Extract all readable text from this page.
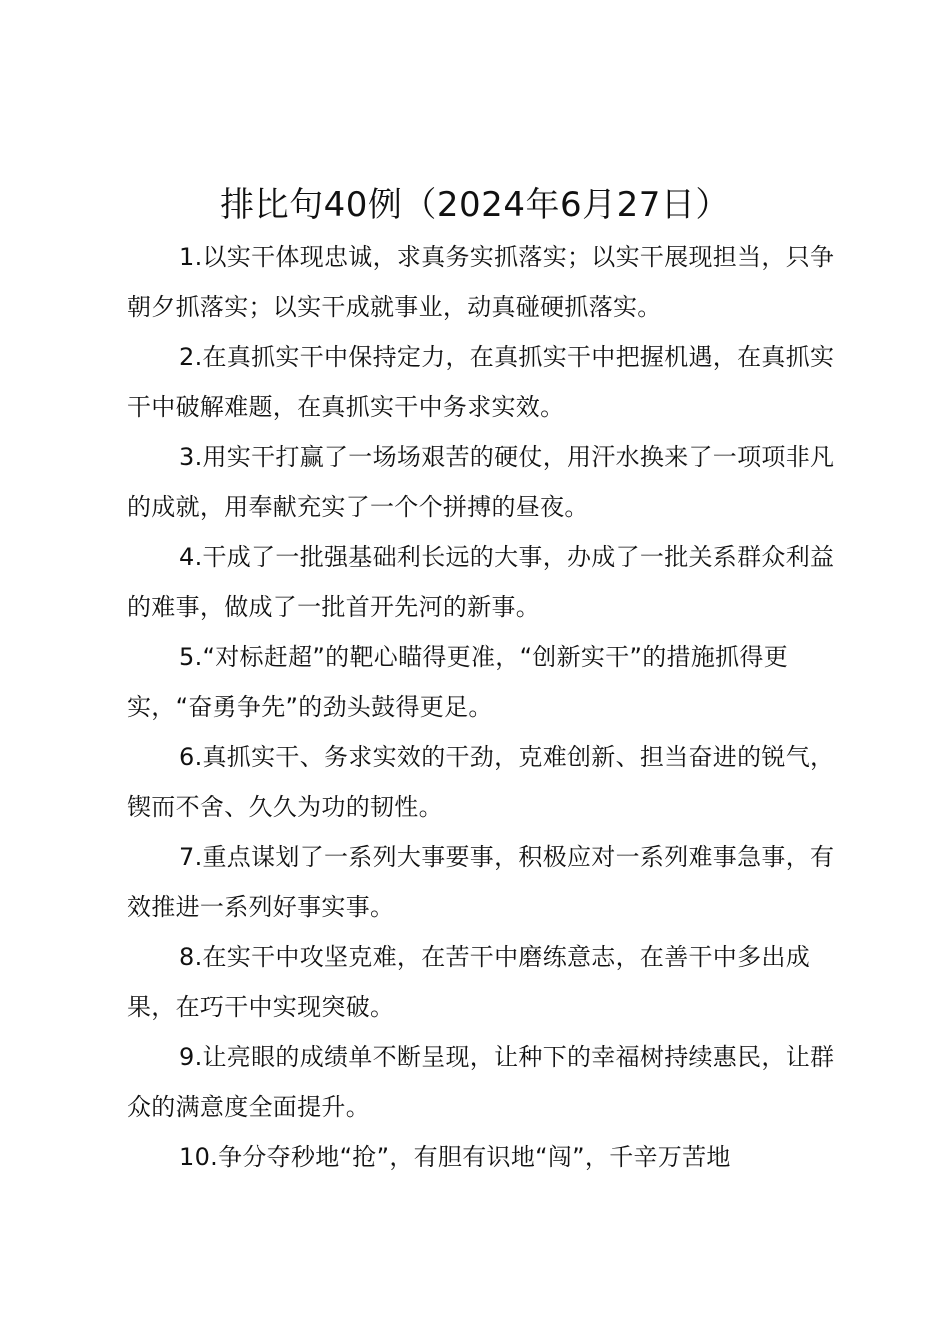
排比句40例（2024年6月27日）

1.以实干体现忠诚，求真务实抓落实；以实干展现担当，只争朝夕抓落实；以实干成就事业，动真碰硬抓落实。

2.在真抓实干中保持定力，在真抓实干中把握机遇，在真抓实干中破解难题，在真抓实干中务求实效。

3.用实干打赢了一场场艰苦的硬仗，用汗水换来了一项项非凡的成就，用奉献充实了一个个拼搏的昼夜。

4.干成了一批强基础利长远的大事，办成了一批关系群众利益的难事，做成了一批首开先河的新事。

5.“对标赶超”的靶心瞄得更准，“创新实干”的措施抓得更实，“奋勇争先”的劲头鼓得更足。

6.真抓实干、务求实效的干劲，克难创新、担当奋进的锐气，锲而不舍、久久为功的韧性。

7.重点谋划了一系列大事要事，积极应对一系列难事急事，有效推进一系列好事实事。

8.在实干中攻坚克难，在苦干中磨练意志，在善干中多出成果，在巧干中实现突破。

9.让亮眼的成绩单不断呈现，让种下的幸福树持续惠民，让群众的满意度全面提升。

10.争分夺秒地“抢”，有胆有识地“闯”，千辛万苦地
